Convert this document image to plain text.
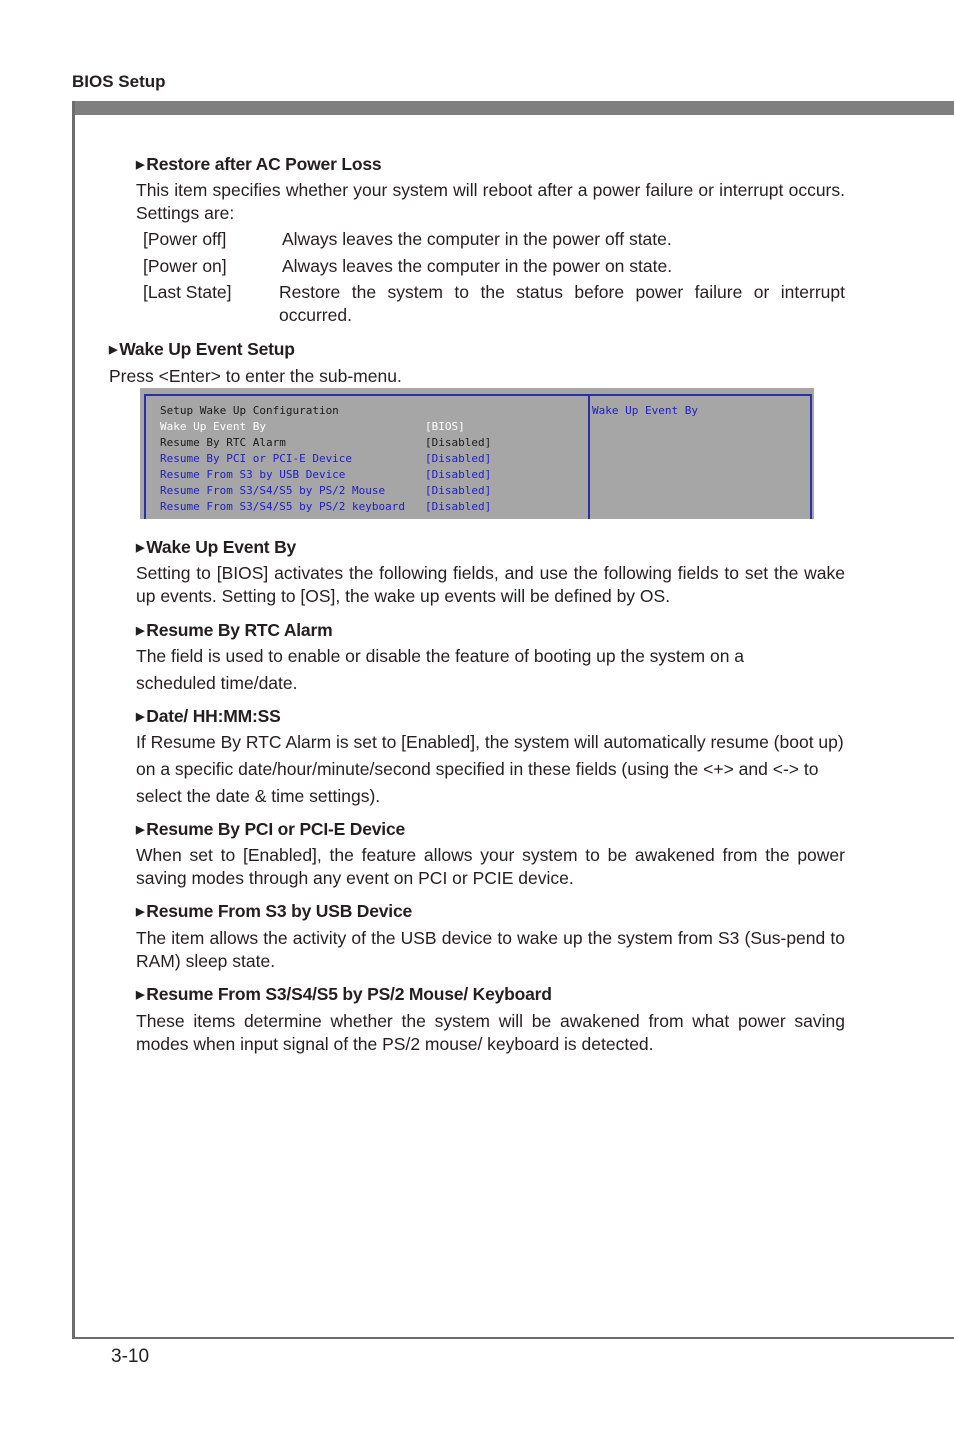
BIOS Setup
▶ Restore after AC Power Loss
This item specifies whether your system will reboot after a power failure or interrupt occurs. Settings are:
[Power off]	Always leaves the computer in the power off state.
[Power on]	Always leaves the computer in the power on state.
[Last State]	Restore the system to the status before power failure or interrupt occurred.
▶ Wake Up Event Setup
Press <Enter> to enter the sub-menu.
Setup Wake Up Configuration
Wake Up Event By	[BIOS]
Resume By RTC Alarm	[Disabled]
Resume By PCI or PCI-E Device	[Disabled]
Resume From S3 by USB Device	[Disabled]
Resume From S3/S4/S5 by PS/2 Mouse	[Disabled]
Resume From S3/S4/S5 by PS/2 keyboard [Disabled]
Wake Up Event By
▶ Wake Up Event By
Setting to [BIOS] activates the following fields, and use the following fields to set the wake up events. Setting to [OS], the wake up events will be defined by OS.
▶ Resume By RTC Alarm
The field is used to enable or disable the feature of booting up the system on a scheduled time/date.
▶ Date/ HH:MM:SS
If Resume By RTC Alarm is set to [Enabled], the system will automatically resume (boot up) on a specific date/hour/minute/second specified in these fields (using the <+> and <-> to select the date & time settings).
▶ Resume By PCI or PCI-E Device
When set to [Enabled], the feature allows your system to be awakened from the power saving modes through any event on PCI or PCIE device.
▶ Resume From S3 by USB Device
The item allows the activity of the USB device to wake up the system from S3 (Sus-pend to RAM) sleep state.
▶ Resume From S3/S4/S5 by PS/2 Mouse/ Keyboard
These items determine whether the system will be awakened from what power saving modes when input signal of the PS/2 mouse/ keyboard is detected.
3-10
